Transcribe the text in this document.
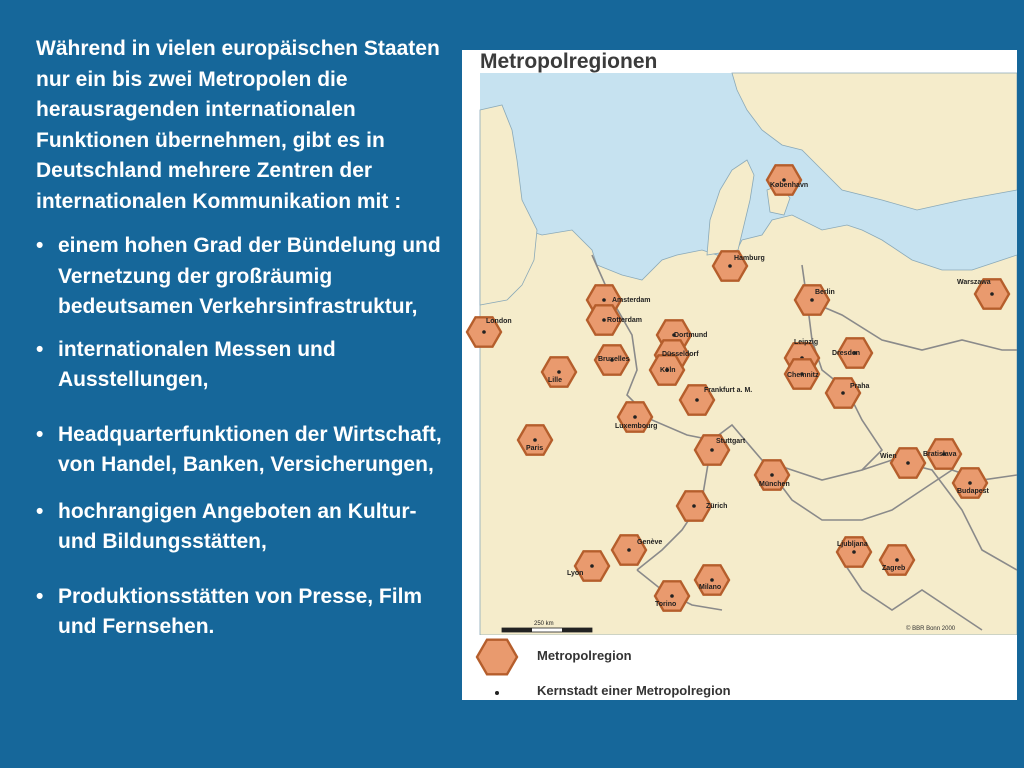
Während in vielen europäischen Staaten nur ein bis zwei Metropolen die herausragenden internationalen Funktionen übernehmen, gibt es in Deutschland mehrere Zentren der internationalen Kommunikation mit :

• einem hohen Grad der Bündelung und Vernetzung der großräumig bedeutsamen Verkehrsinfrastruktur,
• internationalen Messen und Ausstellungen,
• Headquarterfunktionen der Wirtschaft, von Handel, Banken, Versicherungen,
• hochrangigen Angeboten an Kultur- und Bildungsstätten,
• Produktionsstätten von Presse, Film und Fernsehen.	250 km
© BBR Bonn 2000
Metropolregion
Kernstadt einer Metropolregion
København
Hamburg
Berlin
Warszawa
London
Amsterdam
Rotterdam
Dortmund
Düsseldorf
Köln
Bruxelles
Lille
Leipzig
Dresden
Chemnitz
Frankfurt a. M.
Praha
Luxembourg
Paris
Stuttgart
Wien	Bratislava
Budapest
München
Zürich
Genève
Lyon
Ljubljana
Zagreb
Milano
Torino
Metropolregionen
